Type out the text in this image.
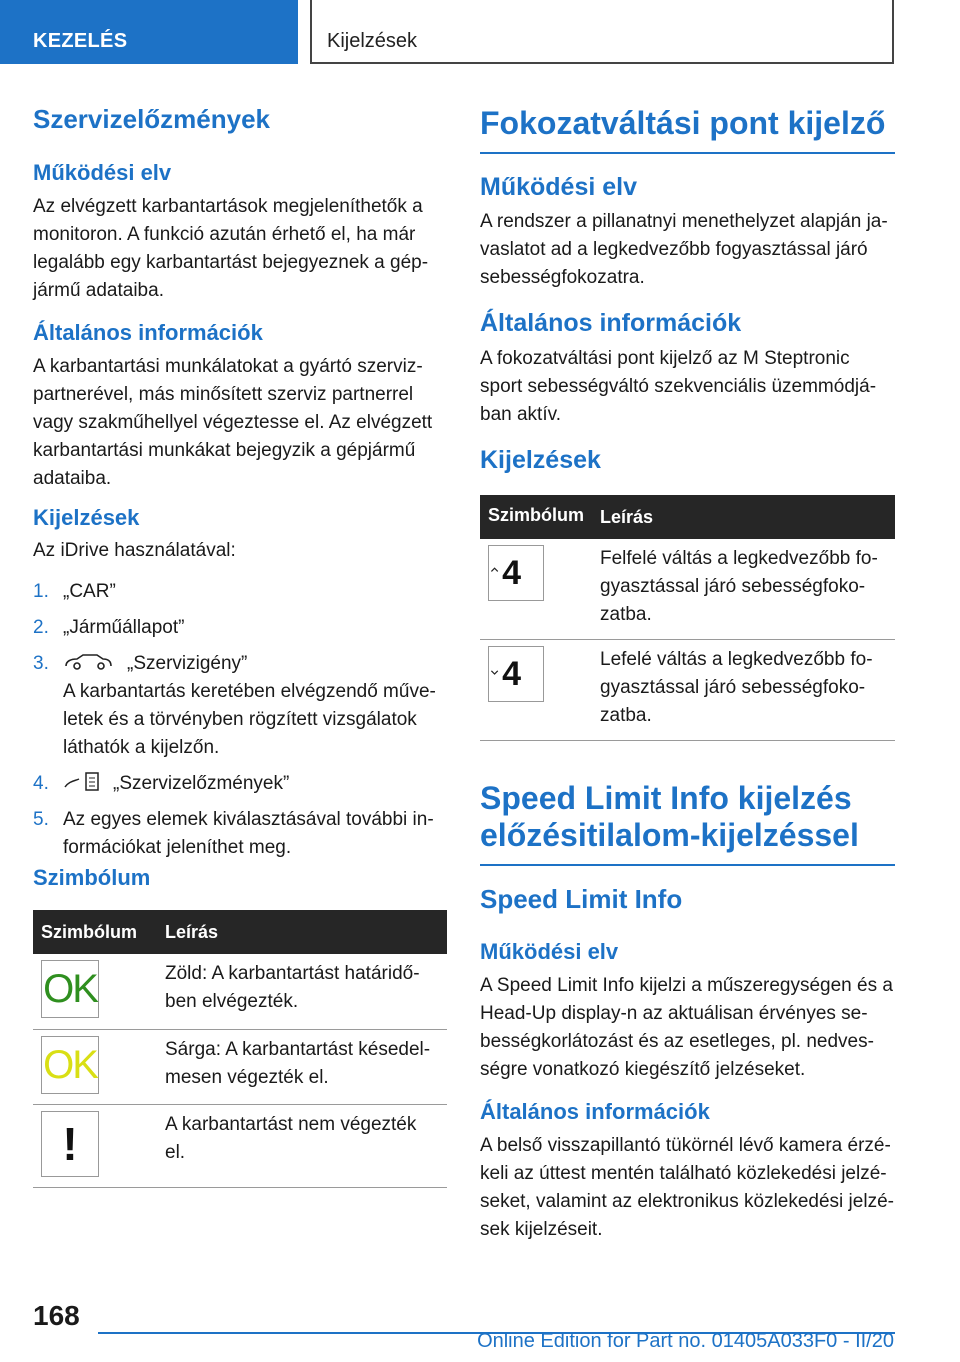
KEZELÉS	Kijelzések
Szervizelőzmények
Működési elv

Az elvégzett karbantartások megjeleníthetők a monitoron. A funkció azután érhető el, ha már legalább egy karbantartást bejegyeznek a gépjármű adataiba.

Általános információk

A karbantartási munkálatokat a gyártó szervizpartnerével, más minősített szerviz partnerrel vagy szakműhellyel végeztesse el. Az elvégzett karbantartási munkákat bejegyzik a gépjármű adataiba.

Kijelzések

Az iDrive használatával:

1. „CAR”
2. „Járműállapot”
3.	„Szervizigény”
A karbantartás keretében elvégzendő műveletek és a törvényben rögzített vizsgálatok láthatók a kijelzőn.
4.	„Szervizelőzmények”
5. Az egyes elemek kiválasztásával további információkat jeleníthet meg.
Szimbólum
Szimbólum	Leírás

OK	Zöld: A karbantartást határidőben elvégezték.

OK	Sárga: A karbantartást késedelmesen végezték el.

!	A karbantartást nem végezték el.
Fokozatváltási pont kijelző
Működési elv

A rendszer a pillanatnyi menethelyzet alapján javaslatot ad a legkedvezőbb fogyasztással járó sebességfokozatra.

Általános információk

A fokozatváltási pont kijelző az M Steptronic sport sebességváltó szekvenciális üzemmódjában aktív.

Kijelzések
Szimbólum	Leírás

4	Felfelé váltás a legkedvezőbb fogyasztással járó sebességfokozatba.

4	Lefelé váltás a legkedvezőbb fogyasztással járó sebességfokozatba.
Speed Limit Info kijelzés előzésitilalom-kijelzéssel
Speed Limit Info
Működési elv

A Speed Limit Info kijelzi a műszeregységen és a Head-Up display-n az aktuálisan érvényes sebességkorlátozást és az esetleges, pl. nedvességre vonatkozó kiegészítő jelzéseket.

Általános információk

A belső visszapillantó tükörnél lévő kamera érzékeli az úttest mentén található közlekedési jelzéseket, valamint az elektronikus közlekedési jelzések kijelzéseit.

168
Online Edition for Part no. 01405A033F0 - II/20
